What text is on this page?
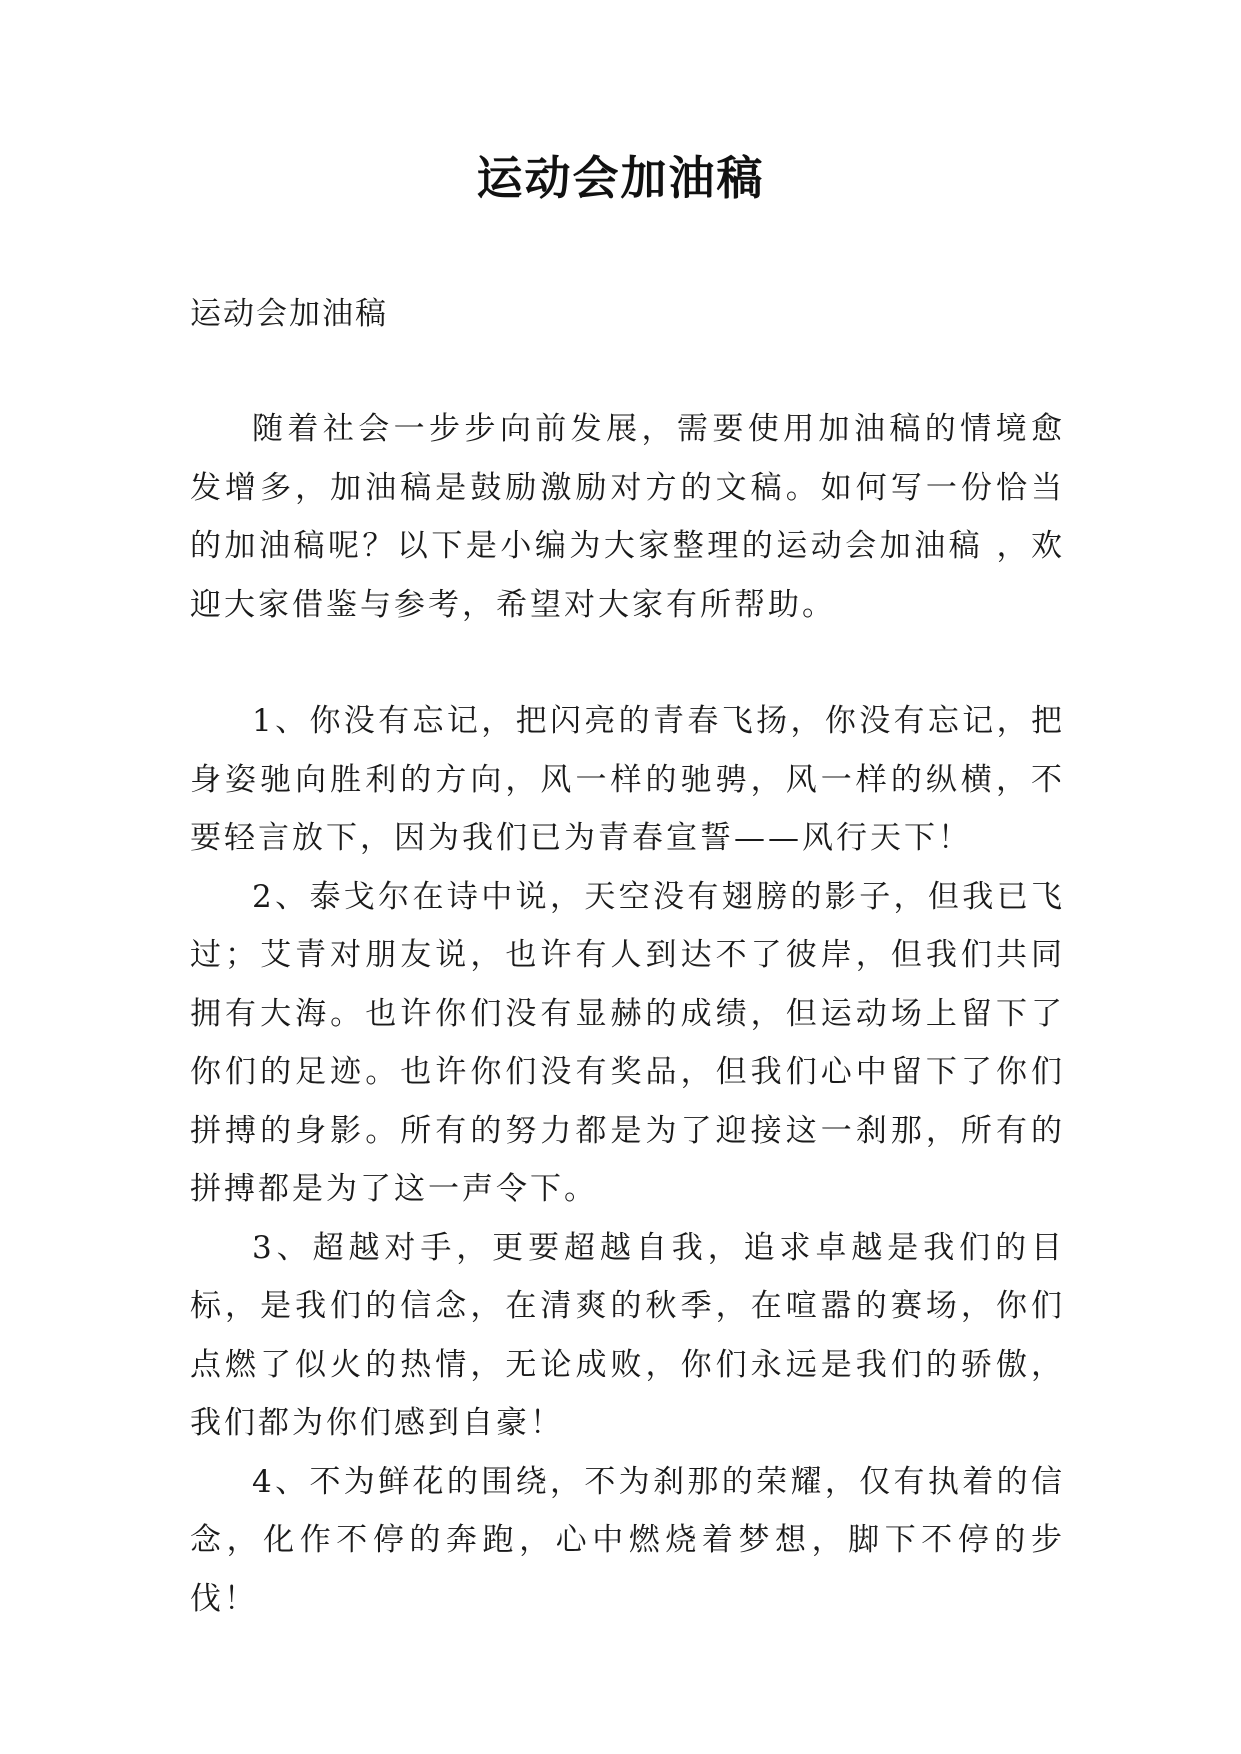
运动会加油稿
运动会加油稿

随着社会一步步向前发展，需要使用加油稿的情境愈发增多，加油稿是鼓励激励对方的文稿。如何写一份恰当的加油稿呢？以下是小编为大家整理的运动会加油稿 ，欢迎大家借鉴与参考，希望对大家有所帮助。

1、你没有忘记，把闪亮的青春飞扬，你没有忘记，把身姿驰向胜利的方向，风一样的驰骋，风一样的纵横，不要轻言放下，因为我们已为青春宣誓——风行天下！

2、泰戈尔在诗中说，天空没有翅膀的影子，但我已飞过；艾青对朋友说，也许有人到达不了彼岸，但我们共同拥有大海。也许你们没有显赫的成绩，但运动场上留下了你们的足迹。也许你们没有奖品，但我们心中留下了你们拼搏的身影。所有的努力都是为了迎接这一刹那，所有的拼搏都是为了这一声令下。

3、超越对手，更要超越自我，追求卓越是我们的目标，是我们的信念，在清爽的秋季，在喧嚣的赛场，你们点燃了似火的热情，无论成败，你们永远是我们的骄傲，我们都为你们感到自豪！

4、不为鲜花的围绕，不为刹那的荣耀，仅有执着的信念，化作不停的奔跑，心中燃烧着梦想，脚下不停的步伐！
